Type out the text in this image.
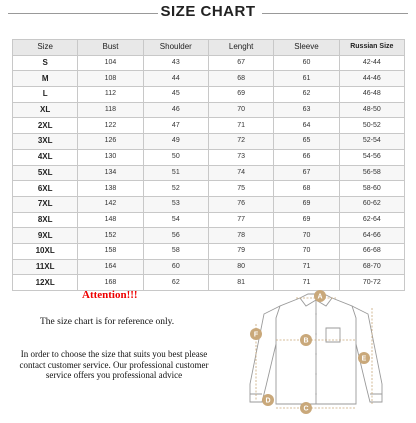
SIZE CHART
Size	Bust	Shoulder	Lenght	Sleeve	Russian Size
S	104	43	67	60	42-44
M	108	44	68	61	44-46
L	112	45	69	62	46-48
XL	118	46	70	63	48-50
2XL	122	47	71	64	50-52
3XL	126	49	72	65	52-54
4XL	130	50	73	66	54-56
5XL	134	51	74	67	56-58
6XL	138	52	75	68	58-60
7XL	142	53	76	69	60-62
8XL	148	54	77	69	62-64
9XL	152	56	78	70	64-66
10XL	158	58	79	70	66-68
11XL	164	60	80	71	68-70
12XL	168	62	81	71	70-72
Attention!!!
The size chart is for reference only.
In order to choose the size that suits you best please contact customer service. Our professional customer service offers you professional advice
A
B
E
F
D
C
